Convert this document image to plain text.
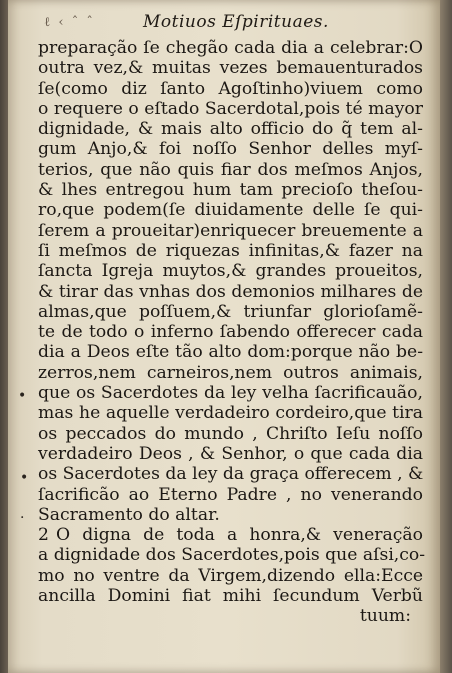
ℓ ‹ ˆ ˆ	Motiuos Eſpirituaes.
•
•
·
preparação ſe chegão cada dia a celebrar:O
outra vez,& muitas vezes bemauenturados
ſe(como diz ſanto Agoſtinho)viuem como
o requere o eſtado Sacerdotal,pois té mayor
dignidade, & mais alto officio do q̃ tem al-
gum Anjo,& foi noſſo Senhor delles myſ-
terios, que não quis fiar dos meſmos Anjos,
& lhes entregou hum tam precioſo theſou-
ro,que podem(ſe diuidamente delle ſe qui-
ſerem a proueitar)enriquecer breuemente a
ſi meſmos de riquezas infinitas,& fazer na
ſancta Igreja muytos,& grandes proueitos,
& tirar das vnhas dos demonios milhares de
almas,que poſſuem,& triunfar glorioſamẽ-
te de todo o inferno ſabendo offerecer cada
dia a Deos eſte tão alto dom:porque não be-
zerros,nem carneiros,nem outros animais,
que os Sacerdotes da ley velha ſacrificauão,
mas he aquelle verdadeiro cordeiro,que tira
os peccados do mundo , Chriſto Ieſu noſſo
verdadeiro Deos , & Senhor, o que cada dia
os Sacerdotes da ley da graça offerecem , &
ſacrificão ao Eterno Padre , no venerando
Sacramento do altar.
2 O digna de toda a honra,& veneração
a dignidade dos Sacerdotes,pois que aſsi,co-
mo no ventre da Virgem,dizendo ella:Ecce
ancilla Domini fiat mihi ſecundum Verbũ
tuum:
